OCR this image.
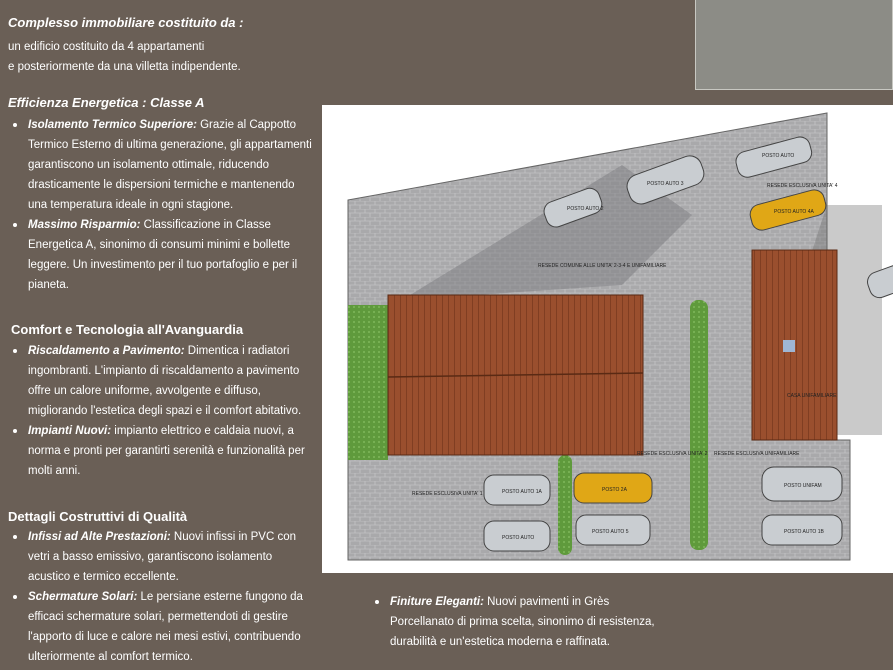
Complesso immobiliare costituito da :
un edificio costituito da 4 appartamenti
e posteriormente da una villetta indipendente.
Efficienza Energetica : Classe A
Isolamento Termico Superiore: Grazie al Cappotto Termico Esterno di ultima generazione, gli appartamenti garantiscono un isolamento ottimale, riducendo drasticamente le dispersioni termiche e mantenendo una temperatura ideale in ogni stagione.
Massimo Risparmio: Classificazione in Classe Energetica A, sinonimo di consumi minimi e bollette leggere. Un investimento per il tuo portafoglio e per il pianeta.
Comfort e Tecnologia all'Avanguardia
Riscaldamento a Pavimento: Dimentica i radiatori ingombranti. L'impianto di riscaldamento a pavimento offre un calore uniforme, avvolgente e diffuso, migliorando l'estetica degli spazi e il comfort abitativo.
Impianti Nuovi: impianto elettrico e caldaia nuovi, a norma e pronti per garantirti serenità e funzionalità per molti anni.
Dettagli Costruttivi di Qualità
Infissi ad Alte Prestazioni: Nuovi infissi in PVC con vetri a basso emissivo, garantiscono isolamento acustico e termico eccellente.
Schermature Solari: Le persiane esterne fungono da efficaci schermature solari, permettendoti di gestire l'apporto di luce e calore nei mesi estivi, contribuendo ulteriormente al comfort termico.
Finiture Eleganti: Nuovi pavimenti in Grès Porcellanato di prima scelta, sinonimo di resistenza, durabilità e un'estetica moderna e raffinata.
POSTO AUTO
POSTO AUTO 3
POSTO AUTO 2	POSTO AUTO 4A
RESEDE ESCLUSIVA UNITA' 4
RESEDE COMUNE ALLE UNITA' 2-3-4 E UNIFAMILIARE
CASA UNIFAMILIARE
RESEDE ESCLUSIVA UNITA' 1
RESEDE ESCLUSIVA UNITA' 2 RESEDE ESCLUSIVA UNIFAMILIARE
POSTO AUTO 1A
POSTO AUTO
POSTO 2A
POSTO AUTO 5
POSTO UNIFAM
POSTO AUTO 1B
